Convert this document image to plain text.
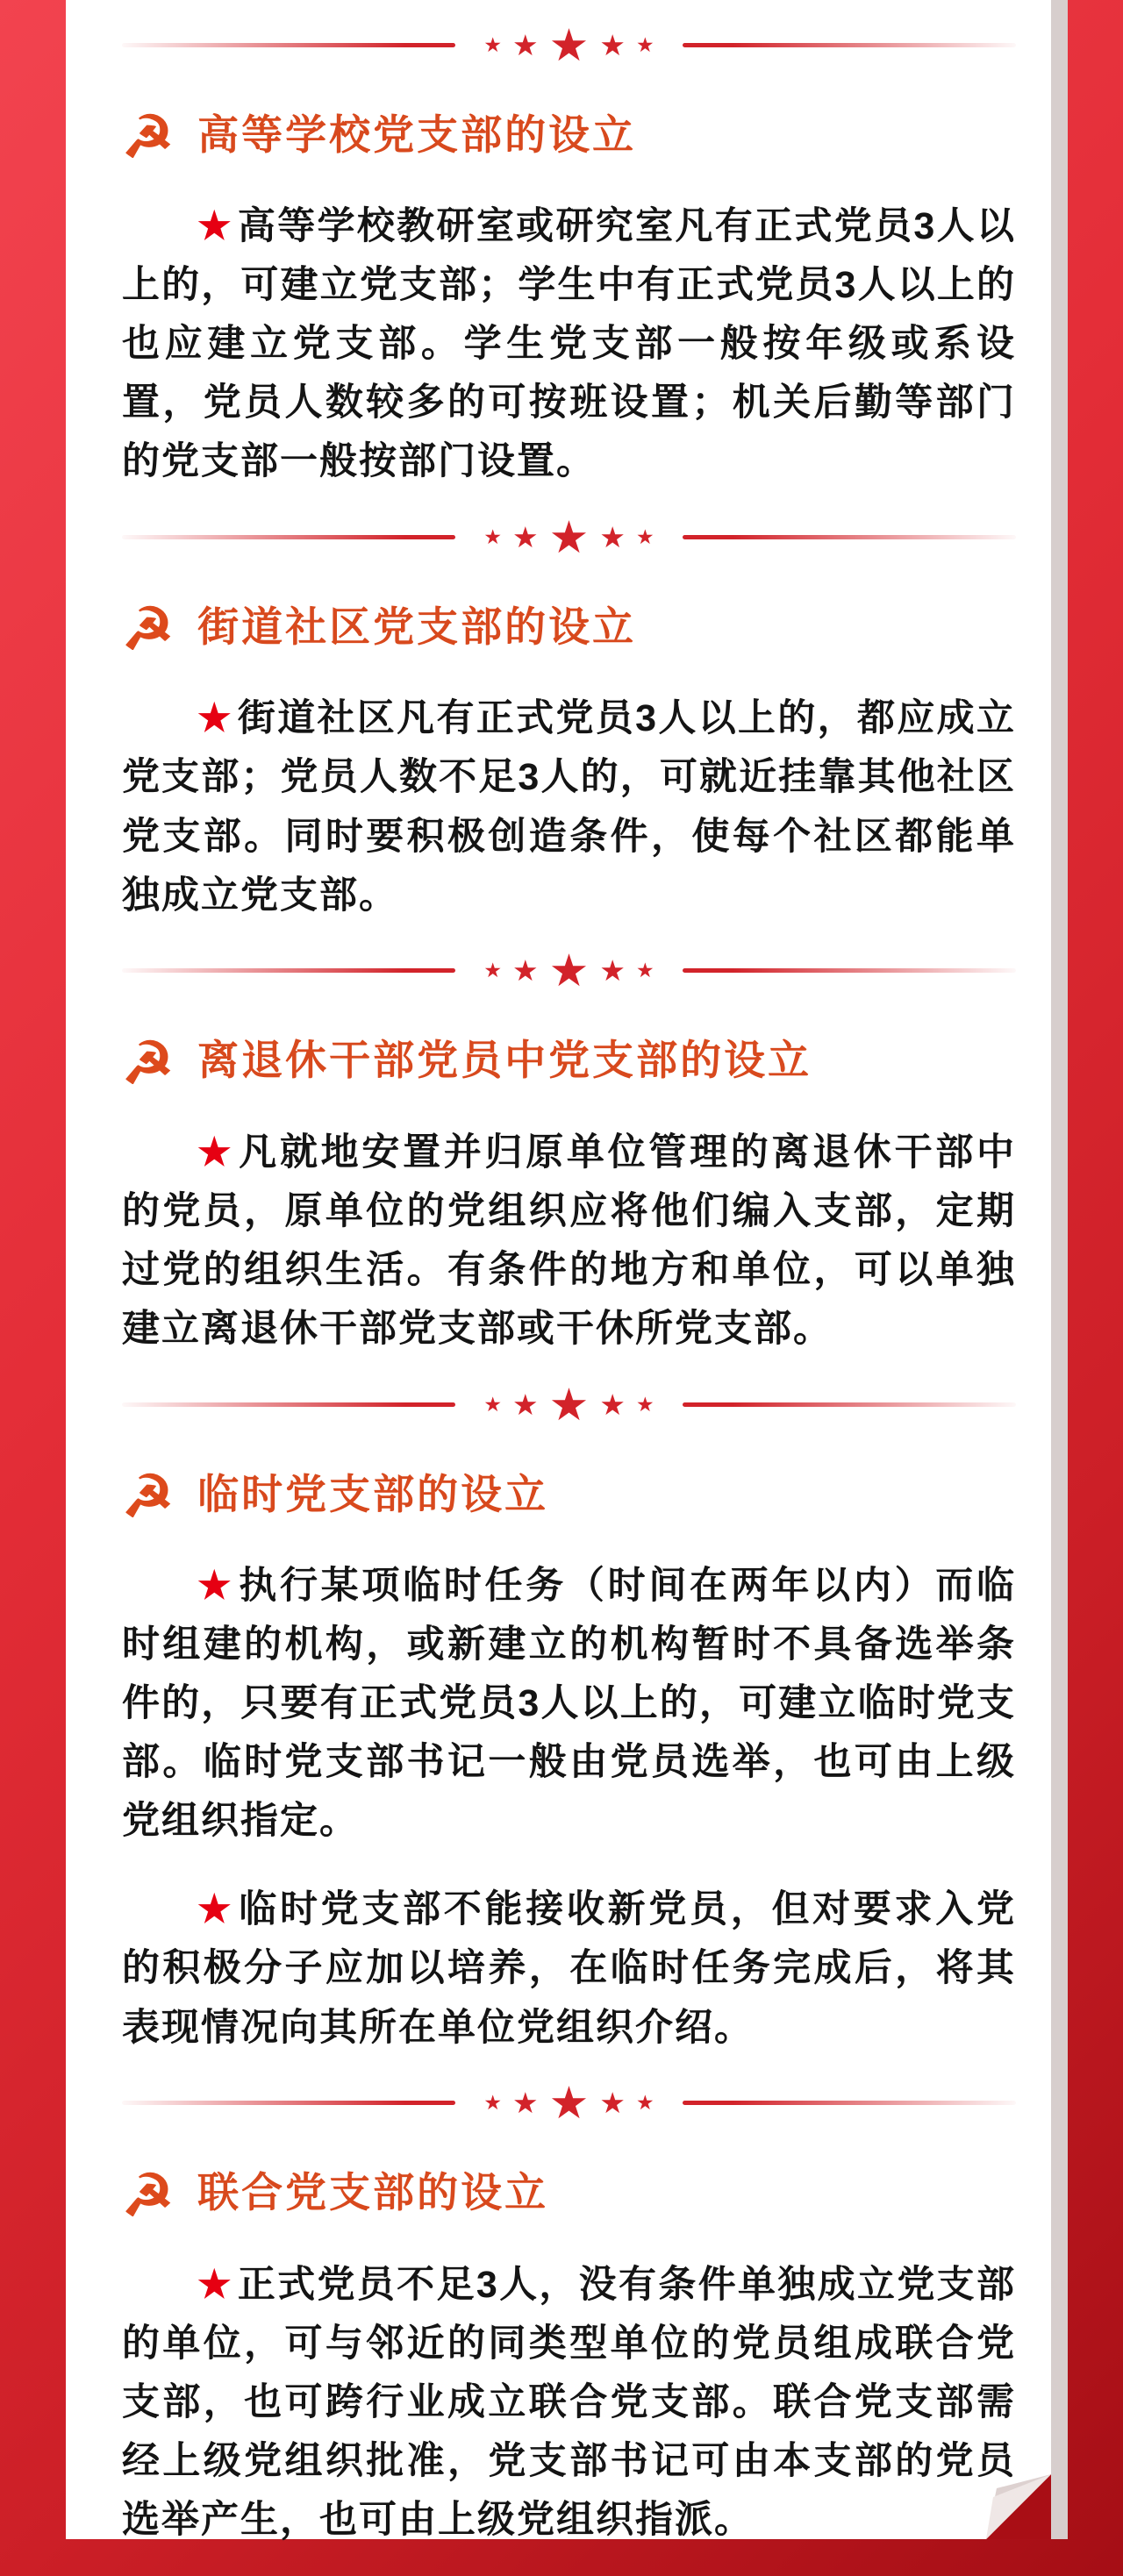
★ ★ ★ ★ ★
☭ 高等学校党支部的设立

★ 高等学校教研室或研究室凡有正式党员3人以上的，可建立党支部；学生中有正式党员3人以上的也应建立党支部。学生党支部一般按年级或系设置，党员人数较多的可按班设置；机关后勤等部门的党支部一般按部门设置。

★ ★ ★ ★ ★
☭ 街道社区党支部的设立

★ 街道社区凡有正式党员3人以上的，都应成立党支部；党员人数不足3人的，可就近挂靠其他社区党支部。同时要积极创造条件，使每个社区都能单独成立党支部。

★ ★ ★ ★ ★
☭ 离退休干部党员中党支部的设立

★ 凡就地安置并归原单位管理的离退休干部中的党员，原单位的党组织应将他们编入支部，定期过党的组织生活。有条件的地方和单位，可以单独建立离退休干部党支部或干休所党支部。

★ ★ ★ ★ ★
☭ 临时党支部的设立

★ 执行某项临时任务（时间在两年以内）而临时组建的机构，或新建立的机构暂时不具备选举条件的，只要有正式党员3人以上的，可建立临时党支部。临时党支部书记一般由党员选举，也可由上级党组织指定。

★ 临时党支部不能接收新党员，但对要求入党的积极分子应加以培养，在临时任务完成后，将其表现情况向其所在单位党组织介绍。

★ ★ ★ ★ ★
☭ 联合党支部的设立

★ 正式党员不足3人，没有条件单独成立党支部的单位，可与邻近的同类型单位的党员组成联合党支部，也可跨行业成立联合党支部。联合党支部需经上级党组织批准，党支部书记可由本支部的党员选举产生，也可由上级党组织指派。
